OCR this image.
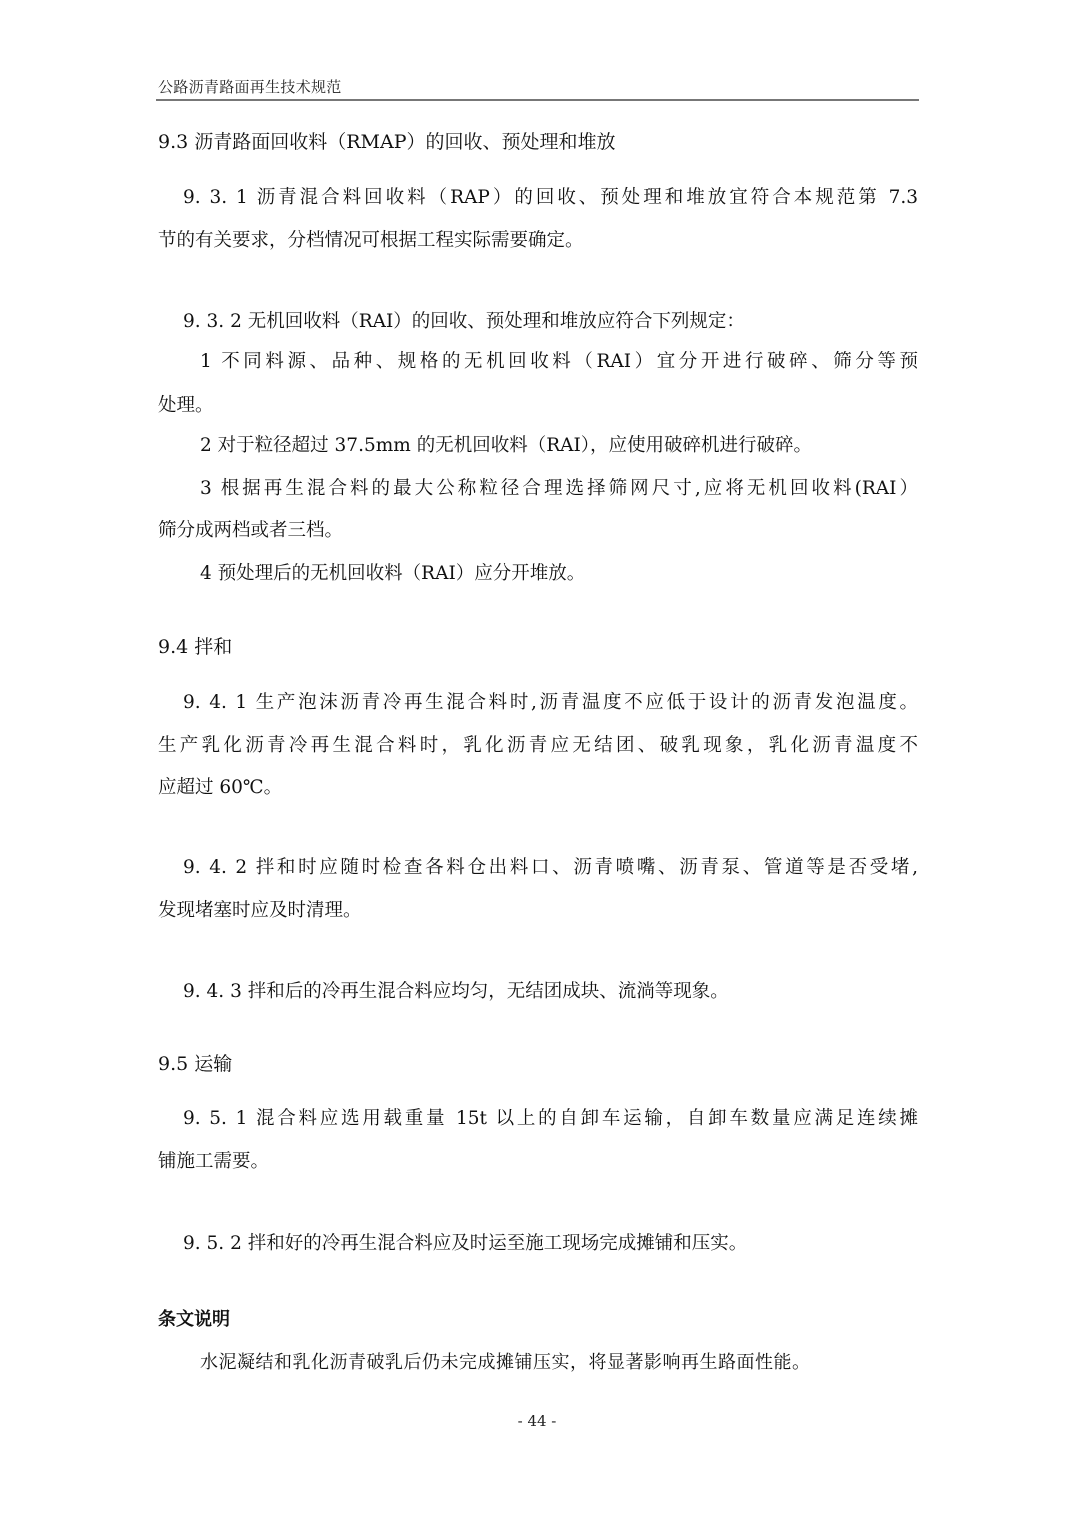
公路沥青路面再生技术规范
9.3 沥青路面回收料（RMAP）的回收、预处理和堆放
9. 3. 1 沥青混合料回收料（RAP）的回收、预处理和堆放宜符合本规范第 7.3
节的有关要求，分档情况可根据工程实际需要确定。
9. 3. 2 无机回收料（RAI）的回收、预处理和堆放应符合下列规定：
1 不同料源、品种、规格的无机回收料（RAI）宜分开进行破碎、筛分等预
处理。
2 对于粒径超过 37.5mm 的无机回收料（RAI），应使用破碎机进行破碎。
3 根据再生混合料的最大公称粒径合理选择筛网尺寸,应将无机回收料(RAI）
筛分成两档或者三档。
4 预处理后的无机回收料（RAI）应分开堆放。
9.4 拌和
9. 4. 1 生产泡沫沥青冷再生混合料时,沥青温度不应低于设计的沥青发泡温度。
生产乳化沥青冷再生混合料时，乳化沥青应无结团、破乳现象，乳化沥青温度不
应超过 60℃。
9. 4. 2 拌和时应随时检查各料仓出料口、沥青喷嘴、沥青泵、管道等是否受堵,
发现堵塞时应及时清理。
9. 4. 3 拌和后的冷再生混合料应均匀，无结团成块、流淌等现象。
9.5 运输
9. 5. 1 混合料应选用载重量 15t 以上的自卸车运输，自卸车数量应满足连续摊
铺施工需要。
9. 5. 2 拌和好的冷再生混合料应及时运至施工现场完成摊铺和压实。
条文说明
水泥凝结和乳化沥青破乳后仍未完成摊铺压实，将显著影响再生路面性能。
- 44 -
